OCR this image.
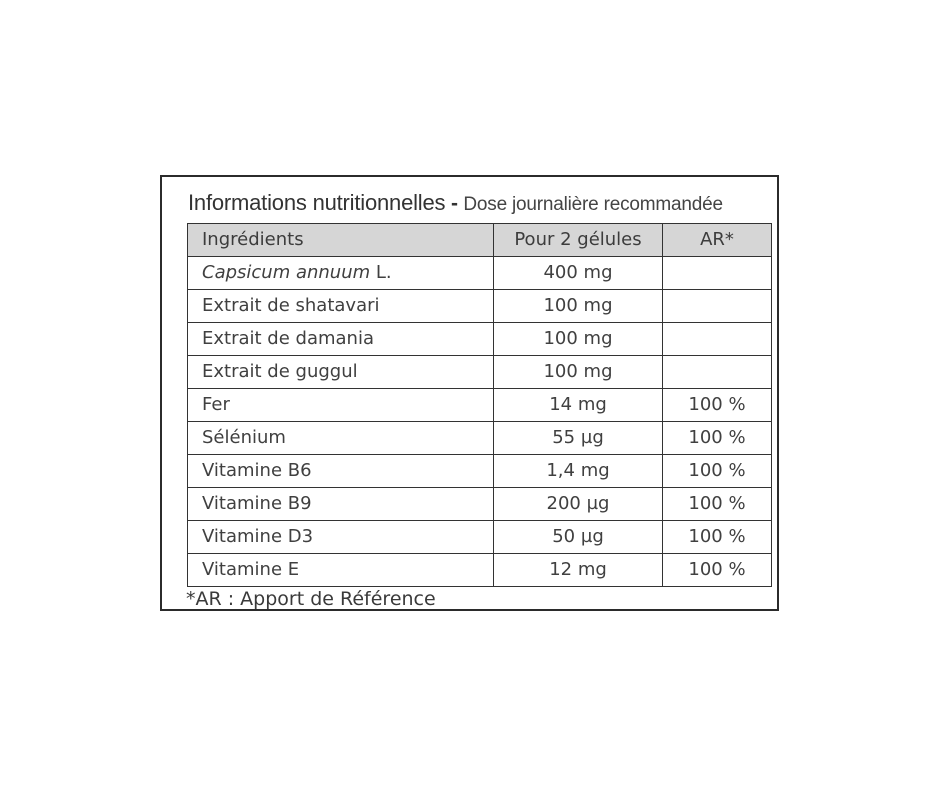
Informations nutritionnelles - Dose journalière recommandée
Ingrédients	Pour 2 gélules	AR*
Capsicum annuum L.	400 mg	
Extrait de shatavari	100 mg	
Extrait de damania	100 mg	
Extrait de guggul	100 mg	
Fer	14 mg	100 %
Sélénium	55 µg	100 %
Vitamine B6	1,4 mg	100 %
Vitamine B9	200 µg	100 %
Vitamine D3	50 µg	100 %
Vitamine E	12 mg	100 %
*AR : Apport de Référence
